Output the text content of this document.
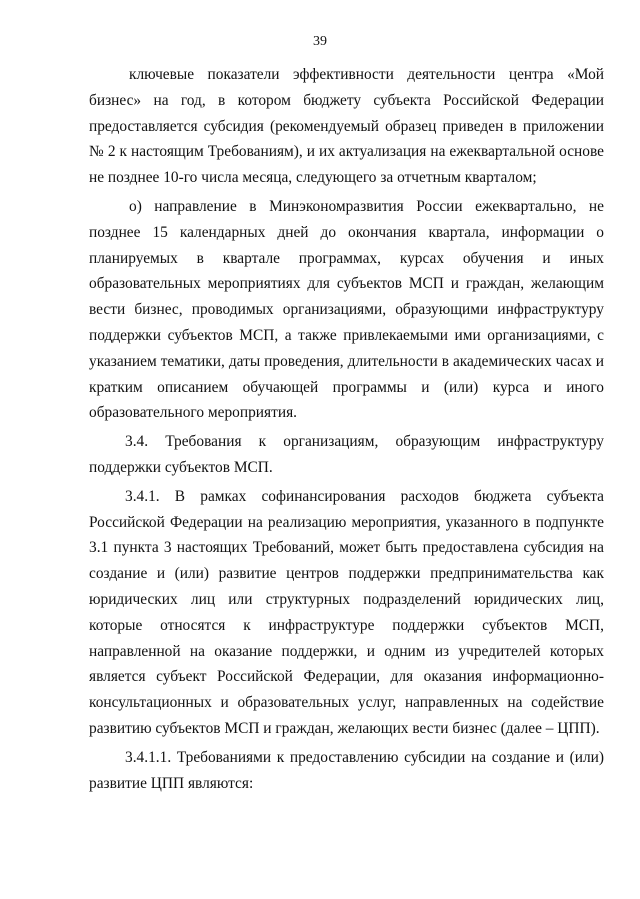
39

ключевые показатели эффективности деятельности центра «Мой бизнес» на год, в котором бюджету субъекта Российской Федерации предоставляется субсидия (рекомендуемый образец приведен в приложении № 2 к настоящим Требованиям), и их актуализация на ежеквартальной основе не позднее 10-го числа месяца, следующего за отчетным кварталом;

о) направление в Минэкономразвития России ежеквартально, не позднее 15 календарных дней до окончания квартала, информации о планируемых в квартале программах, курсах обучения и иных образовательных мероприятиях для субъектов МСП и граждан, желающим вести бизнес, проводимых организациями, образующими инфраструктуру поддержки субъектов МСП, а также привлекаемыми ими организациями, с указанием тематики, даты проведения, длительности в академических часах и кратким описанием обучающей программы и (или) курса и иного образовательного мероприятия.

3.4. Требования к организациям, образующим инфраструктуру поддержки субъектов МСП.

3.4.1. В рамках софинансирования расходов бюджета субъекта Российской Федерации на реализацию мероприятия, указанного в подпункте 3.1 пункта 3 настоящих Требований, может быть предоставлена субсидия на создание и (или) развитие центров поддержки предпринимательства как юридических лиц или структурных подразделений юридических лиц, которые относятся к инфраструктуре поддержки субъектов МСП, направленной на оказание поддержки, и одним из учредителей которых является субъект Российской Федерации, для оказания информационно-консультационных и образовательных услуг, направленных на содействие развитию субъектов МСП и граждан, желающих вести бизнес (далее – ЦПП).

3.4.1.1. Требованиями к предоставлению субсидии на создание и (или) развитие ЦПП являются:
